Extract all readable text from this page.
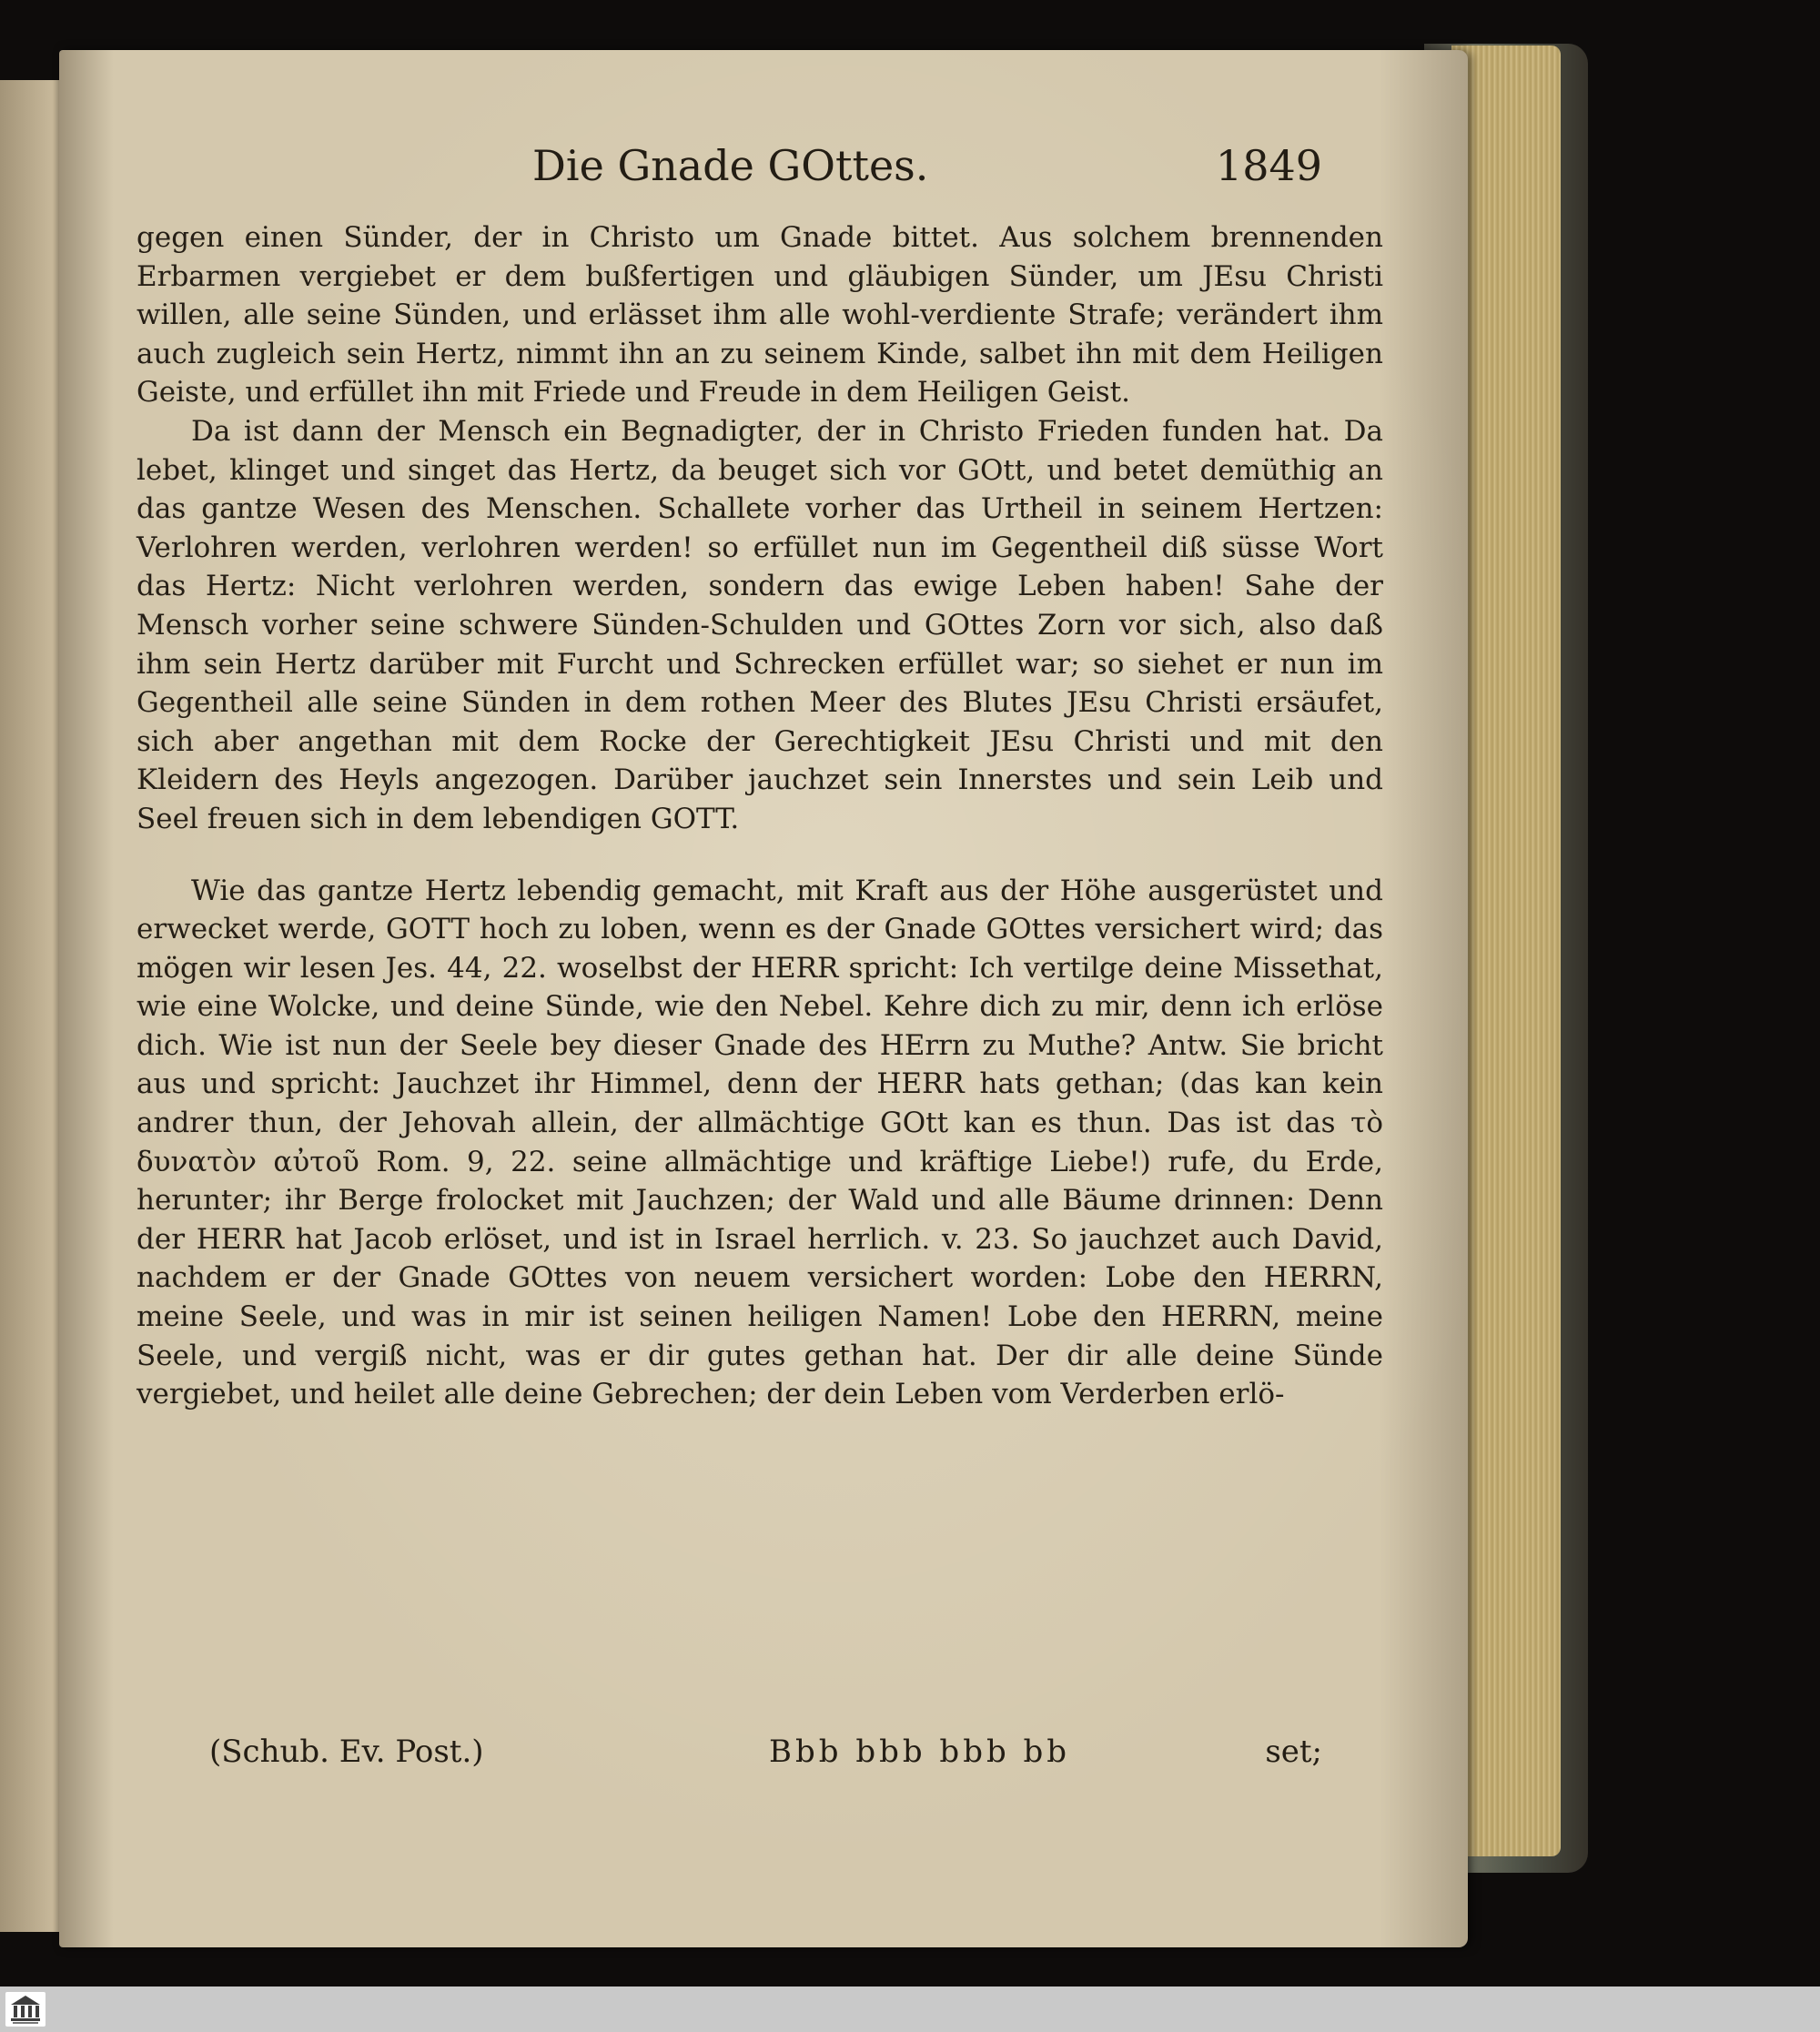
Die Gnade GOttes.	1849

gegen einen Sünder, der in Christo um Gnade bittet. Aus solchem brennenden Erbarmen vergiebet er dem bußfertigen und gläubigen Sünder, um JEsu Christi willen, alle seine Sünden, und erlässet ihm alle wohl-verdiente Strafe; verändert ihm auch zugleich sein Hertz, nimmt ihn an zu seinem Kinde, salbet ihn mit dem Heiligen Geiste, und erfüllet ihn mit Friede und Freude in dem Heiligen Geist.

Da ist dann der Mensch ein Begnadigter, der in Christo Frieden funden hat. Da lebet, klinget und singet das Hertz, da beuget sich vor GOtt, und betet demüthig an das gantze Wesen des Menschen. Schallete vorher das Urtheil in seinem Hertzen: Verlohren werden, verlohren werden! so erfüllet nun im Gegentheil diß süsse Wort das Hertz: Nicht verlohren werden, sondern das ewige Leben haben! Sahe der Mensch vorher seine schwere Sünden-Schulden und GOttes Zorn vor sich, also daß ihm sein Hertz darüber mit Furcht und Schrecken erfüllet war; so siehet er nun im Gegentheil alle seine Sünden in dem rothen Meer des Blutes JEsu Christi ersäufet, sich aber angethan mit dem Rocke der Gerechtigkeit JEsu Christi und mit den Kleidern des Heyls angezogen. Darüber jauchzet sein Innerstes und sein Leib und Seel freuen sich in dem lebendigen GOTT.

Wie das gantze Hertz lebendig gemacht, mit Kraft aus der Höhe ausgerüstet und erwecket werde, GOTT hoch zu loben, wenn es der Gnade GOttes versichert wird; das mögen wir lesen Jes. 44, 22. woselbst der HERR spricht: Ich vertilge deine Missethat, wie eine Wolcke, und deine Sünde, wie den Nebel. Kehre dich zu mir, denn ich erlöse dich. Wie ist nun der Seele bey dieser Gnade des HErrn zu Muthe? Antw. Sie bricht aus und spricht: Jauchzet ihr Himmel, denn der HERR hats gethan; (das kan kein andrer thun, der Jehovah allein, der allmächtige GOtt kan es thun. Das ist das τὸ δυνατὸν αὐτοῦ Rom. 9, 22. seine allmächtige und kräftige Liebe!) rufe, du Erde, herunter; ihr Berge frolocket mit Jauchzen; der Wald und alle Bäume drinnen: Denn der HERR hat Jacob erlöset, und ist in Israel herrlich. v. 23. So jauchzet auch David, nachdem er der Gnade GOttes von neuem versichert worden: Lobe den HERRN, meine Seele, und was in mir ist seinen heiligen Namen! Lobe den HERRN, meine Seele, und vergiß nicht, was er dir gutes gethan hat. Der dir alle deine Sünde vergiebet, und heilet alle deine Gebrechen; der dein Leben vom Verderben erlö-

(Schub. Ev. Post.)	Bbb bbb bbb bb	set;
